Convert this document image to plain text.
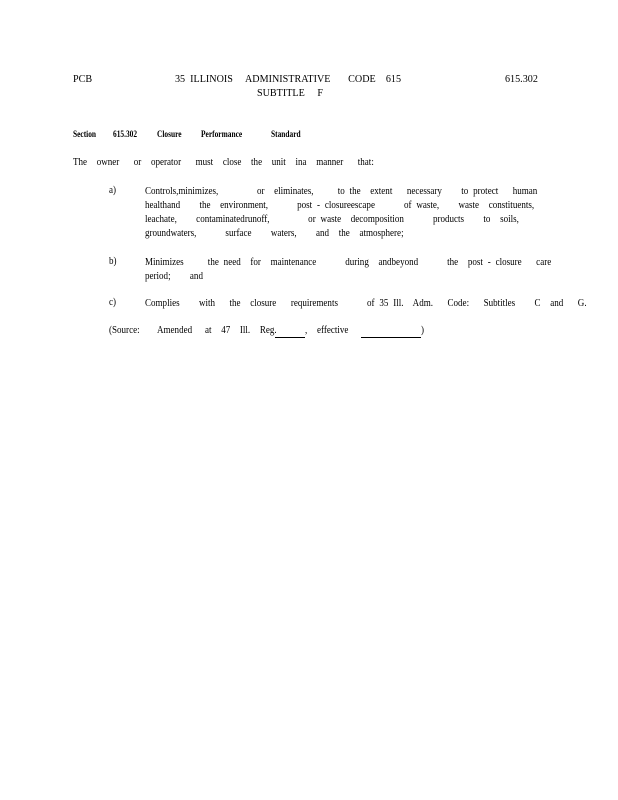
PCB	35  ILLINOIS     ADMINISTRATIVE       CODE    615
SUBTITLE     F
615.302
Section 615.302 Closure Performance	Standard
The  owner   or  operator   must  close  the  unit  ina  manner   that:
a)	Controls,minimizes,        or  eliminates,     to the  extent   necessary    to protect   human
healthand    the  environment,      post - closureescape      of waste,    waste  constituents,
leachate,    contaminatedrunoff,        or waste  decomposition      products    to  soils,
groundwaters,      surface    waters,    and  the  atmosphere;
b)	Minimizes     the need  for  maintenance      during  andbeyond      the  post - closure   care
period;    and
c)	Complies    with   the  closure   requirements      of 35 Ill.  Adm.   Code:   Subtitles    C  and   G.
(Source: Amended at  47  Ill.  Reg.	, effective	)
